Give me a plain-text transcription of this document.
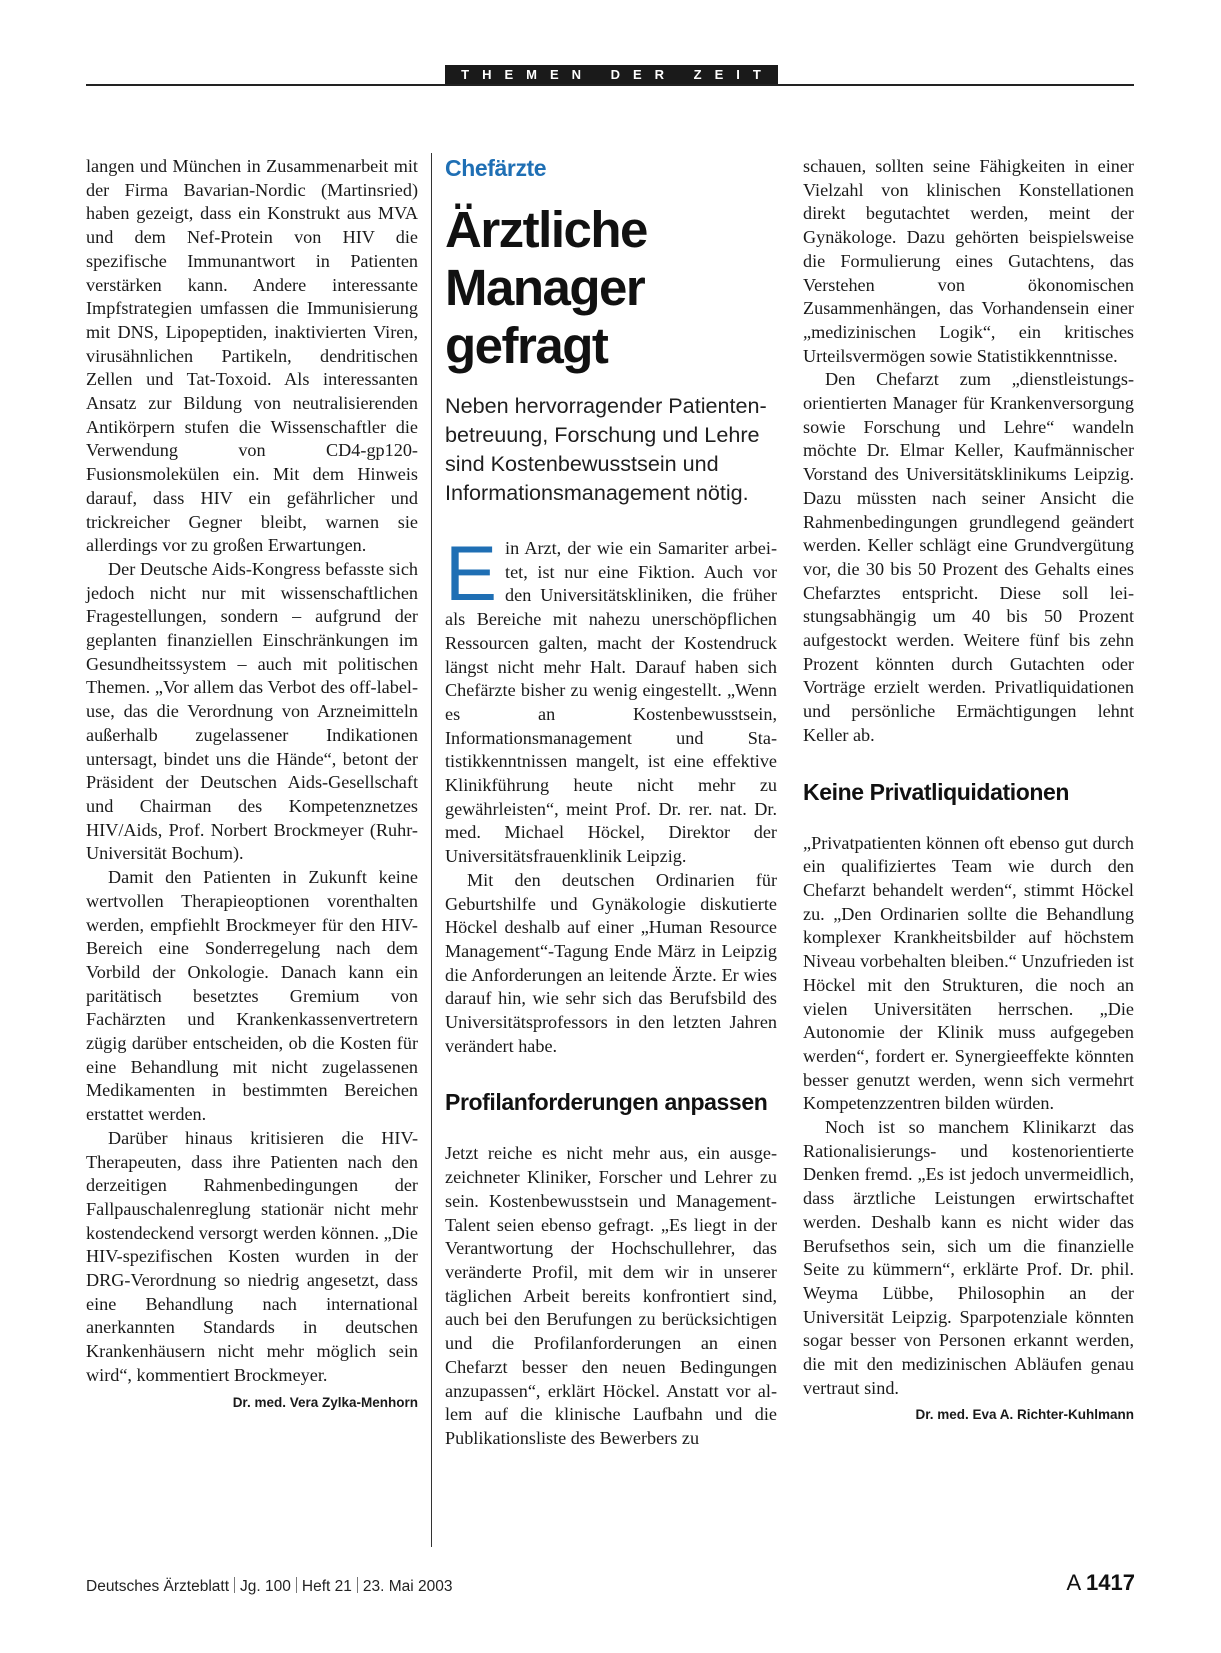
THEMEN DER ZEIT

langen und München in Zusammenarbeit mit der Firma Bavarian-Nordic (Martinsried) haben gezeigt, dass ein Konstrukt aus MVA und dem Nef-Protein von HIV die spezifische Immunantwort in Patienten verstärken kann. Andere interessante Impfstrategien umfassen die Immunisierung mit DNS, Lipopeptiden, inaktivierten Viren, virusähnlichen Partikeln, dendritischen Zellen und Tat-Toxoid. Als interessanten Ansatz zur Bildung von neutralisierenden Antikörpern stufen die Wissenschaftler die Verwendung von CD4-gp120-Fusionsmolekülen ein. Mit dem Hinweis darauf, dass HIV ein gefährlicher und trickreicher Gegner bleibt, warnen sie allerdings vor zu großen Erwartungen.

Der Deutsche Aids-Kongress befasste sich jedoch nicht nur mit wissenschaftlichen Fragestellungen, sondern – aufgrund der geplanten finanziellen Einschränkungen im Gesundheitssystem – auch mit politischen Themen. „Vor allem das Verbot des off-label-use, das die Verordnung von Arzneimitteln außerhalb zugelassener Indikationen untersagt, bindet uns die Hände“, betont der Präsident der Deutschen Aids-Gesellschaft und Chairman des Kompetenznetzes HIV/Aids, Prof. Norbert Brockmeyer (Ruhr-Universität Bochum).

Damit den Patienten in Zukunft keine wertvollen Therapieoptionen vorenthalten werden, empfiehlt Brockmeyer für den HIV-Bereich eine Sonderregelung nach dem Vorbild der Onkologie. Danach kann ein paritätisch besetztes Gremium von Fachärzten und Krankenkassenvertretern zügig darüber entscheiden, ob die Kosten für eine Behandlung mit nicht zugelassenen Medikamenten in bestimmten Bereichen erstattet werden.

Darüber hinaus kritisieren die HIV-Therapeuten, dass ihre Patienten nach den derzeitigen Rahmenbedingungen der Fallpauschalenreglung stationär nicht mehr kostendeckend versorgt werden können. „Die HIV-spezifischen Kosten wurden in der DRG-Verordnung so niedrig angesetzt, dass eine Behandlung nach international anerkannten Standards in deutschen Krankenhäusern nicht mehr möglich sein wird“, kommentiert Brockmeyer.
Dr. med. Vera Zylka-Menhorn

Chefärzte
Ärztliche Manager gefragt
Neben hervorragender Patientenbetreuung, Forschung und Lehre sind Kostenbewusstsein und Informationsmanagement nötig.

Ein Arzt, der wie ein Samariter arbeitet, ist nur eine Fiktion. Auch vor den Universitätskliniken, die früher als Bereiche mit nahezu unerschöpflichen Ressourcen galten, macht der Kostendruck längst nicht mehr Halt. Darauf haben sich Chefärzte bisher zu wenig eingestellt. „Wenn es an Kostenbewusstsein, Informationsmanagement und Statistikkenntnissen mangelt, ist eine effektive Klinikführung heute nicht mehr zu gewährleisten“, meint Prof. Dr. rer. nat. Dr. med. Michael Höckel, Direktor der Universitätsfrauenklinik Leipzig.

Mit den deutschen Ordinarien für Geburtshilfe und Gynäkologie diskutierte Höckel deshalb auf einer „Human Resource Management“-Tagung Ende März in Leipzig die Anforderungen an leitende Ärzte. Er wies darauf hin, wie sehr sich das Berufsbild des Universitätsprofessors in den letzten Jahren verändert habe.

Profilanforderungen anpassen

Jetzt reiche es nicht mehr aus, ein ausgezeichneter Kliniker, Forscher und Lehrer zu sein. Kostenbewusstsein und Management-Talent seien ebenso gefragt. „Es liegt in der Verantwortung der Hochschullehrer, das veränderte Profil, mit dem wir in unserer täglichen Arbeit bereits konfrontiert sind, auch bei den Berufungen zu berücksichtigen und die Profilanforderungen an einen Chefarzt besser den neuen Bedingungen anzupassen“, erklärt Höckel. Anstatt vor allem auf die klinische Laufbahn und die Publikationsliste des Bewerbers zu

schauen, sollten seine Fähigkeiten in einer Vielzahl von klinischen Konstellationen direkt begutachtet werden, meint der Gynäkologe. Dazu gehörten beispielsweise die Formulierung eines Gutachtens, das Verstehen von ökonomischen Zusammenhängen, das Vorhandensein einer „medizinischen Logik“, ein kritisches Urteilsvermögen sowie Statistikkenntnisse.

Den Chefarzt zum „dienstleistungsorientierten Manager für Krankenversorgung sowie Forschung und Lehre“ wandeln möchte Dr. Elmar Keller, Kaufmännischer Vorstand des Universitätsklinikums Leipzig. Dazu müssten nach seiner Ansicht die Rahmenbedingungen grundlegend geändert werden. Keller schlägt eine Grundvergütung vor, die 30 bis 50 Prozent des Gehalts eines Chefarztes entspricht. Diese soll leistungsabhängig um 40 bis 50 Prozent aufgestockt werden. Weitere fünf bis zehn Prozent könnten durch Gutachten oder Vorträge erzielt werden. Privatliquidationen und persönliche Ermächtigungen lehnt Keller ab.

Keine Privatliquidationen

„Privatpatienten können oft ebenso gut durch ein qualifiziertes Team wie durch den Chefarzt behandelt werden“, stimmt Höckel zu. „Den Ordinarien sollte die Behandlung komplexer Krankheitsbilder auf höchstem Niveau vorbehalten bleiben.“ Unzufrieden ist Höckel mit den Strukturen, die noch an vielen Universitäten herrschen. „Die Autonomie der Klinik muss aufgegeben werden“, fordert er. Synergieeffekte könnten besser genutzt werden, wenn sich vermehrt Kompetenzzentren bilden würden.

Noch ist so manchem Klinikarzt das Rationalisierungs- und kostenorientierte Denken fremd. „Es ist jedoch unvermeidlich, dass ärztliche Leistungen erwirtschaftet werden. Deshalb kann es nicht wider das Berufsethos sein, sich um die finanzielle Seite zu kümmern“, erklärte Prof. Dr. phil. Weyma Lübbe, Philosophin an der Universität Leipzig. Sparpotenziale könnten sogar besser von Personen erkannt werden, die mit den medizinischen Abläufen genau vertraut sind.
Dr. med. Eva A. Richter-Kuhlmann

Deutsches Ärzteblatt Jg. 100 Heft 21 23. Mai 2003	A 1417
